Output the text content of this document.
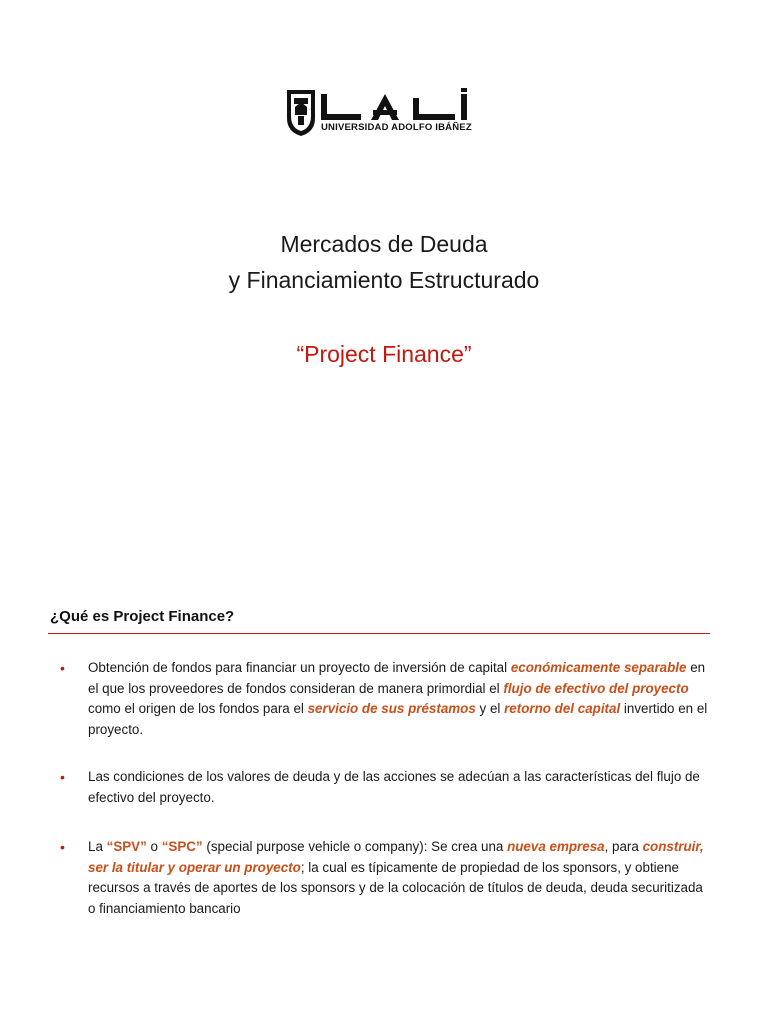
UNIVERSIDAD ADOLFO IBÁÑEZ
Mercados de Deuda
y Financiamiento Estructurado
“Project Finance”
¿Qué es Project Finance?
• Obtención de fondos para financiar un proyecto de inversión de capital económicamente separable en el que los proveedores de fondos consideran de manera primordial el flujo de efectivo del proyecto como el origen de los fondos para el servicio de sus préstamos y el retorno del capital invertido en el proyecto.
• Las condiciones de los valores de deuda y de las acciones se adecúan a las características del flujo de efectivo del proyecto.
• La “SPV” o “SPC” (special purpose vehicle o company): Se crea una nueva empresa, para construir, ser la titular y operar un proyecto; la cual es típicamente de propiedad de los sponsors, y obtiene recursos a través de aportes de los sponsors y de la colocación de títulos de deuda, deuda securitizada o financiamiento bancario
